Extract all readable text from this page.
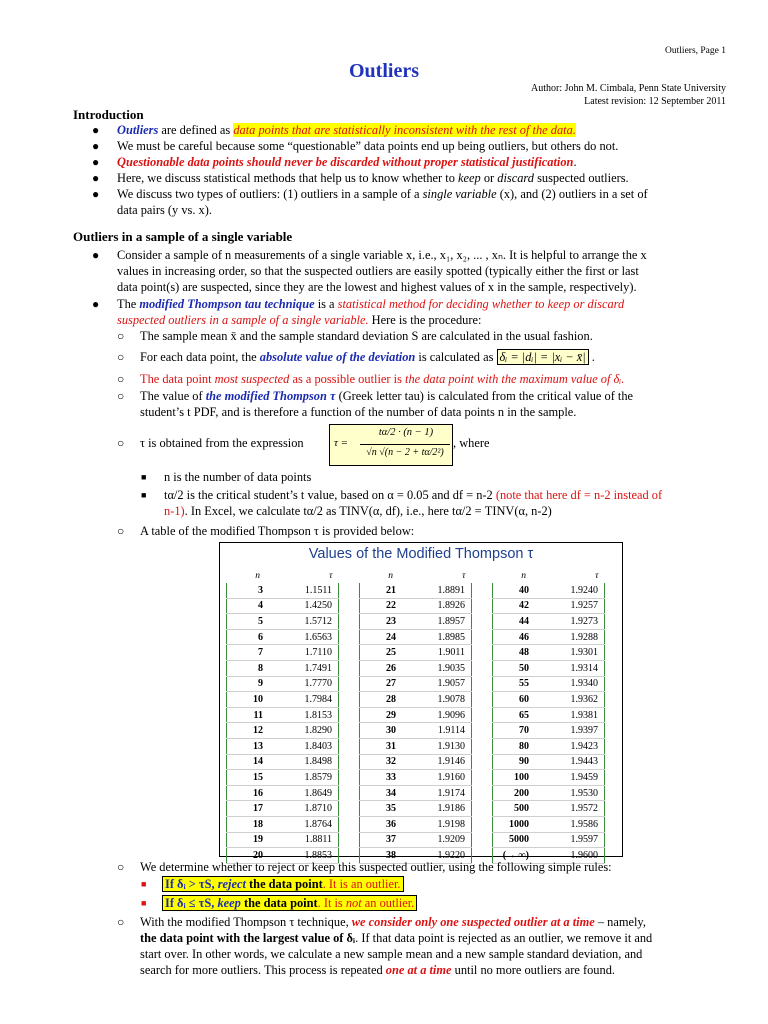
Outliers, Page 1
Outliers
Author: John M. Cimbala, Penn State University
Latest revision: 12 September 2011
Introduction
● Outliers are defined as data points that are statistically inconsistent with the rest of the data.
● We must be careful because some “questionable” data points end up being outliers, but others do not.
● Questionable data points should never be discarded without proper statistical justification.
● Here, we discuss statistical methods that help us to know whether to keep or discard suspected outliers.
● We discuss two types of outliers: (1) outliers in a sample of a single variable (x), and (2) outliers in a set of
data pairs (y vs. x).
Outliers in a sample of a single variable
● Consider a sample of n measurements of a single variable x, i.e., x₁, x₂, ... , xₙ. It is helpful to arrange the x
values in increasing order, so that the suspected outliers are easily spotted (typically either the first or last
data point(s) are suspected, since they are the lowest and highest values of x in the sample, respectively).
● The modified Thompson tau technique is a statistical method for deciding whether to keep or discard
suspected outliers in a sample of a single variable. Here is the procedure:
○ The sample mean x̄ and the sample standard deviation S are calculated in the usual fashion.
○ For each data point, the absolute value of the deviation is calculated as δᵢ = |dᵢ| = |xᵢ − x̄| .
○ The data point most suspected as a possible outlier is the data point with the maximum value of δᵢ.
○ The value of the modified Thompson τ (Greek letter tau) is calculated from the critical value of the
student’s t PDF, and is therefore a function of the number of data points n in the sample.
○ τ is obtained from the expression	τ =
tα/2 · (n − 1)
√n √(n − 2 + tα/2²)
, where
■ n is the number of data points
■ tα/2 is the critical student’s t value, based on α = 0.05 and df = n-2 (note that here df = n-2 instead of
n-1). In Excel, we calculate tα/2 as TINV(α, df), i.e., here tα/2 = TINV(α, n-2)
○ A table of the modified Thompson τ is provided below:
Values of the Modified Thompson τ
n	τ		n	τ		n	τ
3	1.1511		21	1.8891		40	1.9240
4	1.4250		22	1.8926		42	1.9257
5	1.5712		23	1.8957		44	1.9273
6	1.6563		24	1.8985		46	1.9288
7	1.7110		25	1.9011		48	1.9301
8	1.7491		26	1.9035		50	1.9314
9	1.7770		27	1.9057		55	1.9340
10	1.7984		28	1.9078		60	1.9362
11	1.8153		29	1.9096		65	1.9381
12	1.8290		30	1.9114		70	1.9397
13	1.8403		31	1.9130		80	1.9423
14	1.8498		32	1.9146		90	1.9443
15	1.8579		33	1.9160		100	1.9459
16	1.8649		34	1.9174		200	1.9530
17	1.8710		35	1.9186		500	1.9572
18	1.8764		36	1.9198		1000	1.9586
19	1.8811		37	1.9209		5000	1.9597
20	1.8853		38	1.9220		(→ ∞)	1.9600
○ We determine whether to reject or keep this suspected outlier, using the following simple rules:
■ If δᵢ > τS, reject the data point. It is an outlier.
■ If δᵢ ≤ τS, keep the data point. It is not an outlier.
○ With the modified Thompson τ technique, we consider only one suspected outlier at a time – namely,
the data point with the largest value of δᵢ. If that data point is rejected as an outlier, we remove it and
start over. In other words, we calculate a new sample mean and a new sample standard deviation, and
search for more outliers. This process is repeated one at a time until no more outliers are found.
